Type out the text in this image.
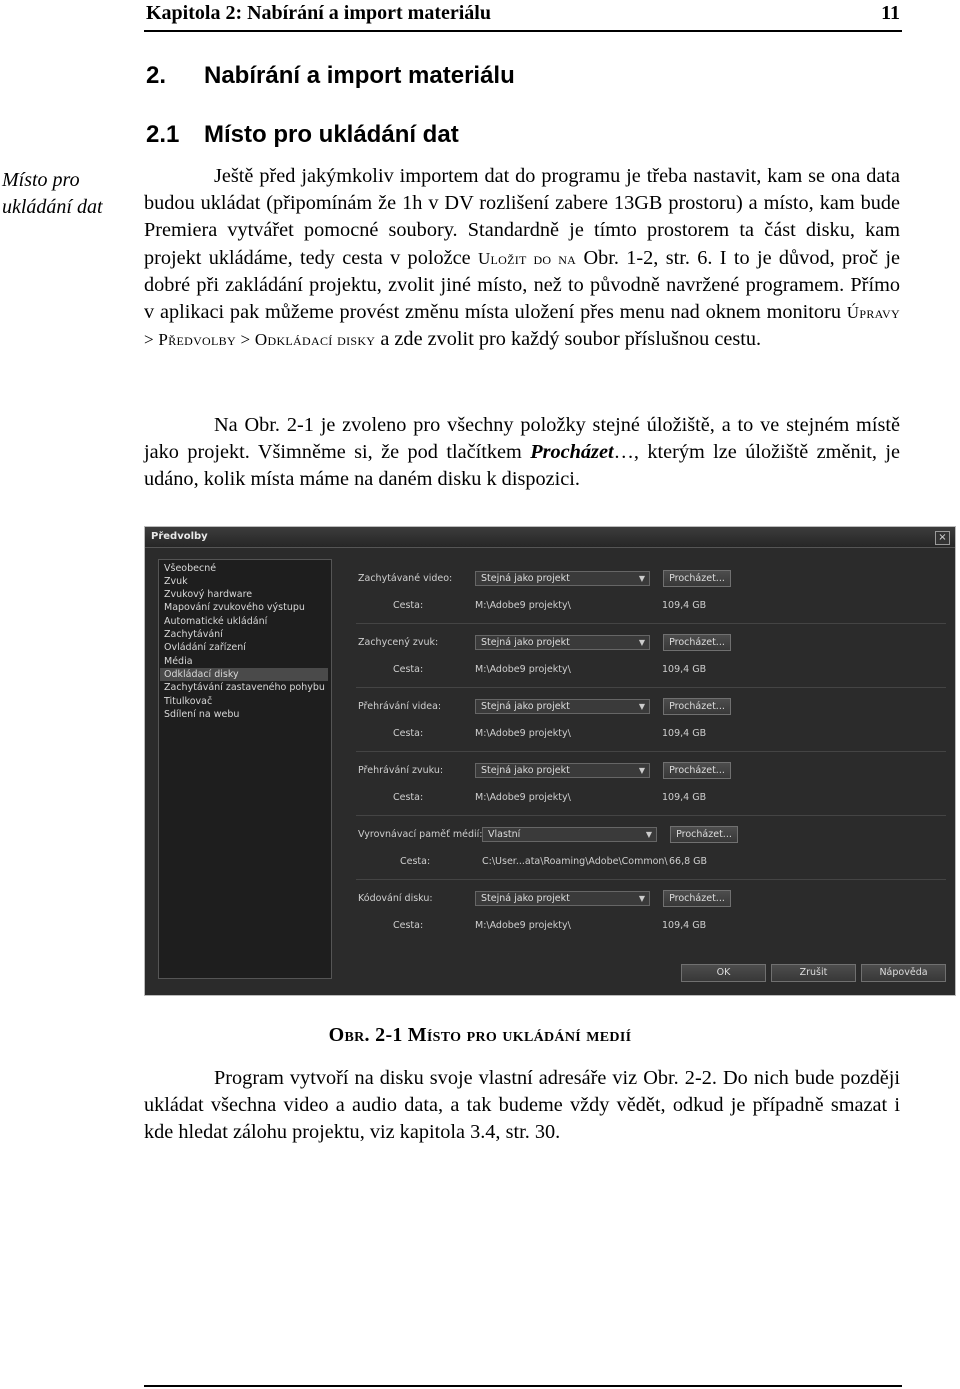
Kapitola 2: Nabírání a import materiálu	11
2. Nabírání a import materiálu
2.1 Místo pro ukládání dat
Místo pro ukládání dat

Ještě před jakýmkoliv importem dat do programu je třeba nastavit, kam se ona data budou ukládat (připomínám že 1h v DV rozlišení zabere 13GB prostoru) a místo, kam bude Premiera vytvářet pomocné soubory. Standardně je tímto prostorem ta část disku, kam projekt ukládáme, tedy cesta v položce Uložit do na Obr. 1-2, str. 6. I to je důvod, proč je dobré při zakládání projektu, zvolit jiné místo, než to původně navržené programem. Přímo v aplikaci pak můžeme provést změnu místa uložení přes menu nad oknem monitoru Úpravy > Předvolby > Odkládací disky a zde zvolit pro každý soubor příslušnou cestu.

Na Obr. 2-1 je zvoleno pro všechny položky stejné úložiště, a to ve stejném místě jako projekt. Všimněme si, že pod tlačítkem Procházet…, kterým lze úložiště změnit, je udáno, kolik místa máme na daném disku k dispozici.

Předvolby	×
Všeobecné
Zvuk
Zvukový hardware
Mapování zvukového výstupu
Automatické ukládání
Zachytávání
Ovládání zařízení
Média
Odkládací disky
Zachytávání zastaveného pohybu
Titulkovač
Sdílení na webu
Zachytávané video:	Stejná jako projekt	▼	Procházet...
Cesta:	M:\Adobe9 projekty\	109,4 GB
Zachycený zvuk:	Stejná jako projekt	▼	Procházet...
Cesta:	M:\Adobe9 projekty\	109,4 GB
Přehrávání videa:	Stejná jako projekt	▼	Procházet...
Cesta:	M:\Adobe9 projekty\	109,4 GB
Přehrávání zvuku:	Stejná jako projekt	▼	Procházet...
Cesta:	M:\Adobe9 projekty\	109,4 GB
Vyrovnávací paměť médií: Vlastní	▼	Procházet...
Cesta:	C:\User...ata\Roaming\Adobe\Common\ 66,8 GB
Kódování disku:	Stejná jako projekt	▼	Procházet...
Cesta:	M:\Adobe9 projekty\	109,4 GB
OK	Zrušit	Nápověda
Obr. 2-1 Místo pro ukládání medií

Program vytvoří na disku svoje vlastní adresáře viz Obr. 2-2. Do nich bude později ukládat všechna video a audio data, a tak budeme vždy vědět, odkud je případně smazat i kde hledat zálohu projektu, viz kapitola 3.4, str. 30.
